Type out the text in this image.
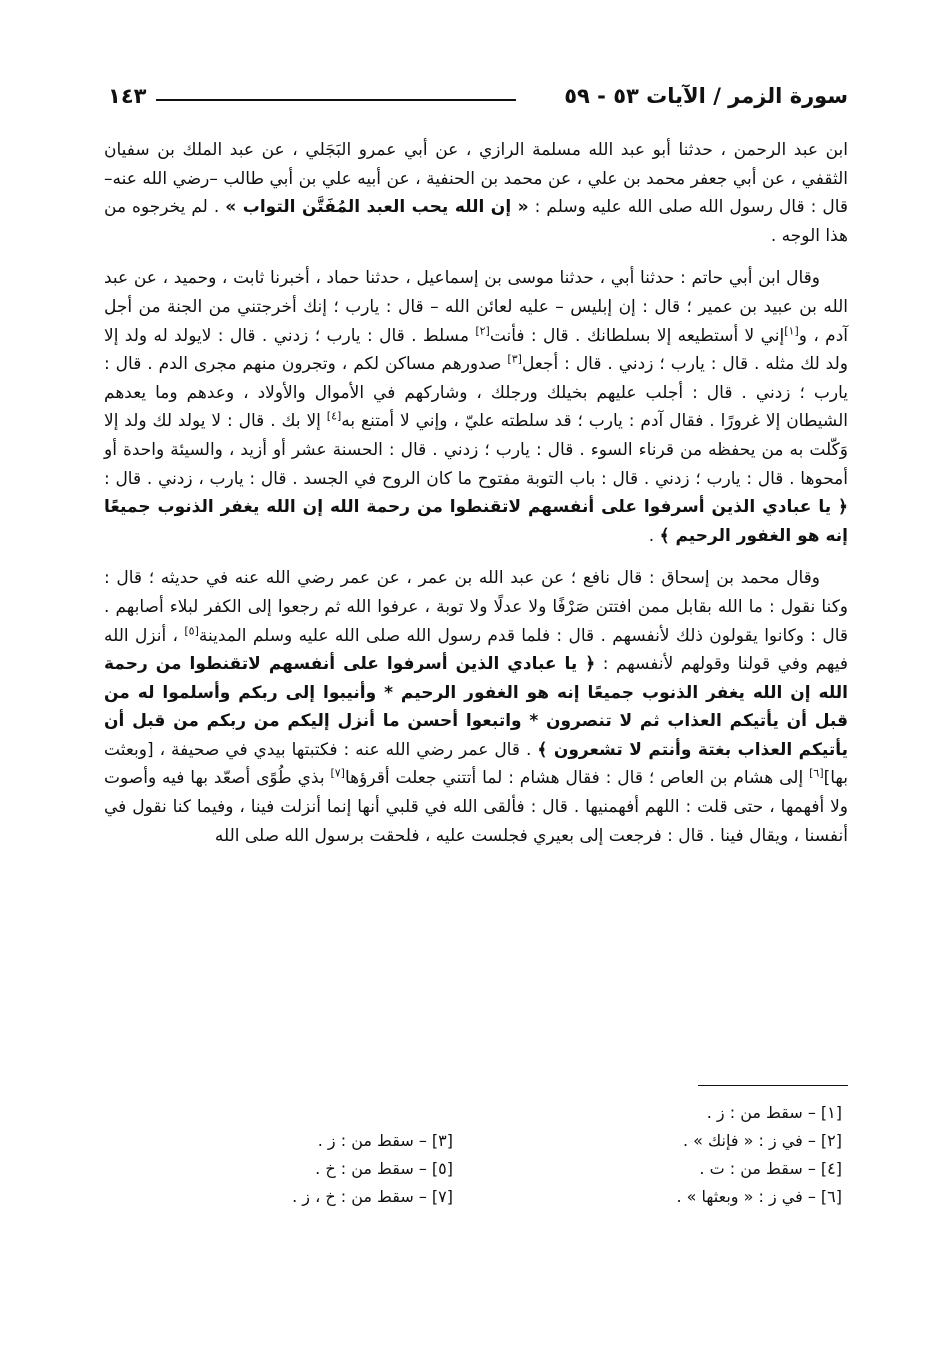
سورة الزمر / الآيات ٥٣ - ٥٩
١٤٣

ابن عبد الرحمن ، حدثنا أبو عبد الله مسلمة الرازي ، عن أبي عمرو البَجَلي ، عن عبد الملك بن سفيان الثقفي ، عن أبي جعفر محمد بن علي ، عن محمد بن الحنفية ، عن أبيه علي بن أبي طالب –رضي الله عنه– قال : قال رسول الله صلى الله عليه وسلم : « إن الله يحب العبد المُفَتَّن التواب » . لم يخرجوه من هذا الوجه .

وقال ابن أبي حاتم : حدثنا أبي ، حدثنا موسى بن إسماعيل ، حدثنا حماد ، أخبرنا ثابت ، وحميد ، عن عبد الله بن عبيد بن عمير ؛ قال : إن إبليس – عليه لعائن الله – قال : يارب ؛ إنك أخرجتني من الجنة من أجل آدم ، و[١]إني لا أستطيعه إلا بسلطانك . قال : فأنت[٢] مسلط . قال : يارب ؛ زدني . قال : لايولد له ولد إلا ولد لك مثله . قال : يارب ؛ زدني . قال : أجعل[٣] صدورهم مساكن لكم ، وتجرون منهم مجرى الدم . قال : يارب ؛ زدني . قال : أجلب عليهم بخيلك ورجلك ، وشاركهم في الأموال والأولاد ، وعدهم وما يعدهم الشيطان إلا غرورًا . فقال آدم : يارب ؛ قد سلطته عليّ ، وإني لا أمتنع به[٤] إلا بك . قال : لا يولد لك ولد إلا وَكّلت به من يحفظه من قرناء السوء . قال : يارب ؛ زدني . قال : الحسنة عشر أو أزيد ، والسيئة واحدة أو أمحوها . قال : يارب ؛ زدني . قال : باب التوبة مفتوح ما كان الروح في الجسد . قال : يارب ، زدني . قال : ﴿ يا عبادي الذين أسرفوا على أنفسهم لاتقنطوا من رحمة الله إن الله يغفر الذنوب جميعًا إنه هو الغفور الرحيم ﴾ .

وقال محمد بن إسحاق : قال نافع ؛ عن عبد الله بن عمر ، عن عمر رضي الله عنه في حديثه ؛ قال : وكنا نقول : ما الله بقابل ممن افتتن صَرْفًا ولا عدلًا ولا توبة ، عرفوا الله ثم رجعوا إلى الكفر لبلاء أصابهم . قال : وكانوا يقولون ذلك لأنفسهم . قال : فلما قدم رسول الله صلى الله عليه وسلم المدينة[٥] ، أنزل الله فيهم وفي قولنا وقولهم لأنفسهم : ﴿ يا عبادي الذين أسرفوا على أنفسهم لاتقنطوا من رحمة الله إن الله يغفر الذنوب جميعًا إنه هو الغفور الرحيم * وأنيبوا إلى ربكم وأسلموا له من قبل أن يأتيكم العذاب ثم لا تنصرون * واتبعوا أحسن ما أنزل إليكم من ربكم من قبل أن يأتيكم العذاب بغتة وأنتم لا تشعرون ﴾ . قال عمر رضي الله عنه : فكتبتها بيدي في صحيفة ، [وبعثت بها][٦] إلى هشام بن العاص ؛ قال : فقال هشام : لما أتتني جعلت أقرؤها[٧] بذي طُوًى أصعّد بها فيه وأصوت ولا أفهمها ، حتى قلت : اللهم أفهمنيها . قال : فألقى الله في قلبي أنها إنما أنزلت فينا ، وفيما كنا نقول في أنفسنا ، ويقال فينا . قال : فرجعت إلى بعيري فجلست عليه ، فلحقت برسول الله صلى الله

[١] – سقط من : ز .
[٢] – في ز : « فإنك » .
[٣] – سقط من : ز .
[٤] – سقط من : ت .
[٥] – سقط من : خ .
[٦] – في ز : « وبعثها » .
[٧] – سقط من : خ ، ز .
